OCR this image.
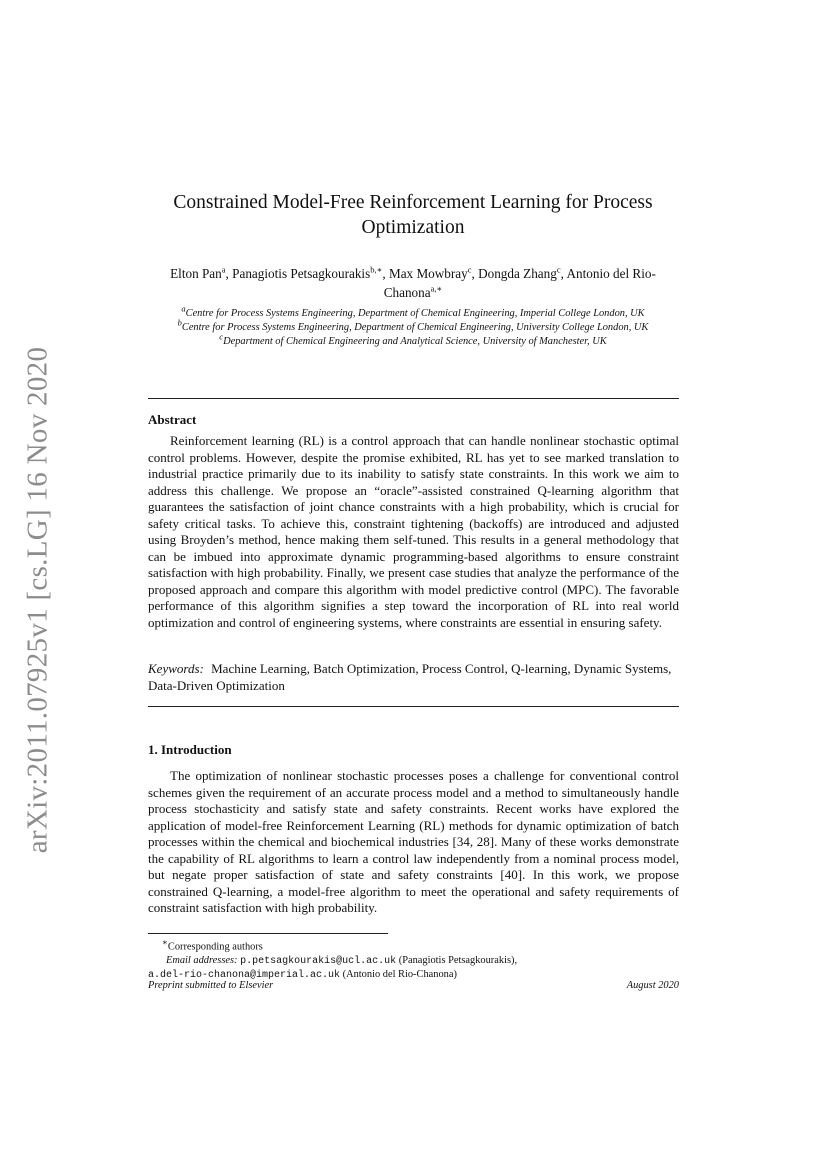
arXiv:2011.07925v1 [cs.LG] 16 Nov 2020
Constrained Model-Free Reinforcement Learning for Process Optimization
Elton Pan$^a$, Panagiotis Petsagkourakis$^{b,∗}$, Max Mowbray$^c$, Dongda Zhang$^c$, Antonio del Rio-Chanona$^{a,∗}$
$^a$Centre for Process Systems Engineering, Department of Chemical Engineering, Imperial College London, UK
$^b$Centre for Process Systems Engineering, Department of Chemical Engineering, University College London, UK
$^c$Department of Chemical Engineering and Analytical Science, University of Manchester, UK
Abstract
Reinforcement learning (RL) is a control approach that can handle nonlinear stochastic optimal control problems. However, despite the promise exhibited, RL has yet to see marked translation to industrial practice primarily due to its inability to satisfy state constraints. In this work we aim to address this challenge. We propose an “oracle”-assisted constrained Q-learning algorithm that guarantees the satisfaction of joint chance constraints with a high probability, which is crucial for safety critical tasks. To achieve this, constraint tightening (backoffs) are introduced and adjusted using Broyden’s method, hence making them self-tuned. This results in a general methodology that can be imbued into approximate dynamic programming-based algorithms to ensure constraint satisfaction with high probability. Finally, we present case studies that analyze the performance of the proposed approach and compare this algorithm with model predictive control (MPC). The favorable performance of this algorithm signifies a step toward the incorporation of RL into real world optimization and control of engineering systems, where constraints are essential in ensuring safety.
Keywords: Machine Learning, Batch Optimization, Process Control, Q-learning, Dynamic Systems, Data-Driven Optimization
1. Introduction
The optimization of nonlinear stochastic processes poses a challenge for conventional control schemes given the requirement of an accurate process model and a method to simultaneously handle process stochasticity and satisfy state and safety constraints. Recent works have explored the application of model-free Reinforcement Learning (RL) methods for dynamic optimization of batch processes within the chemical and biochemical industries [34, 28]. Many of these works demonstrate the capability of RL algorithms to learn a control law independently from a nominal process model, but negate proper satisfaction of state and safety constraints [40]. In this work, we propose constrained Q-learning, a model-free algorithm to meet the operational and safety requirements of constraint satisfaction with high probability.
∗Corresponding authors
Email addresses: p.petsagkourakis@ucl.ac.uk (Panagiotis Petsagkourakis),
a.del-rio-chanona@imperial.ac.uk (Antonio del Rio-Chanona)
Preprint submitted to Elsevier	August 2020
